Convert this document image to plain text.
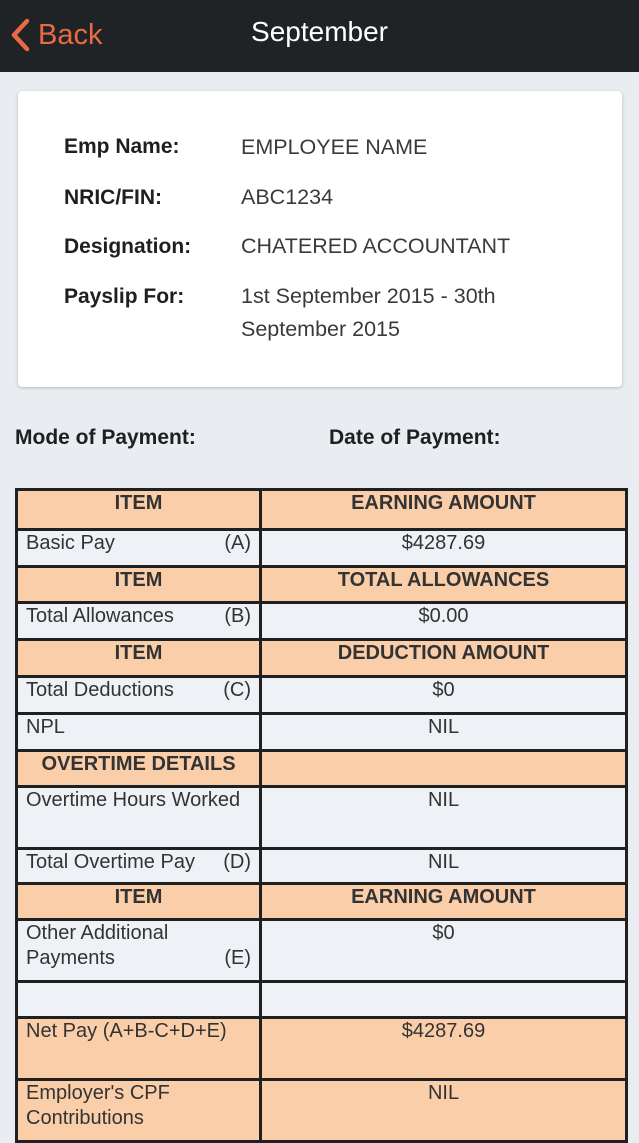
Back	September
Emp Name:	EMPLOYEE NAME
NRIC/FIN:	ABC1234
Designation: CHATERED ACCOUNTANT
Payslip For:	1st September 2015 - 30th September 2015
Mode of Payment:	Date of Payment:
ITEM	EARNING AMOUNT

Basic Pay (A)	$4287.69
ITEM	TOTAL ALLOWANCES

Total Allowances (B)	$0.00
ITEM	DEDUCTION AMOUNT

Total Deductions (C)	$0
NPL	NIL
OVERTIME DETAILS	
Overtime Hours Worked	NIL

Total Overtime Pay (D)	NIL
ITEM	EARNING AMOUNT

Other Additional Payments (E)	$0

Net Pay (A+B-C+D+E)	$4287.69
Employer's CPF Contributions	NIL
